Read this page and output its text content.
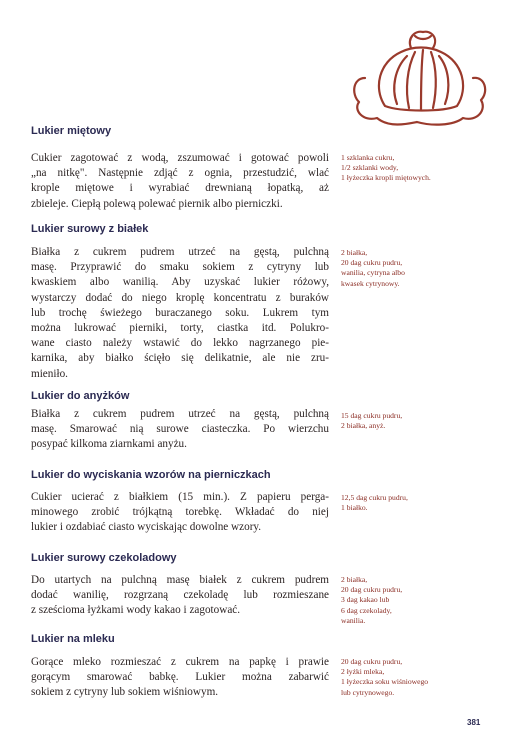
Lukier miętowy
Cukier zagotować z wodą, zszumować i gotować powoli
„na nitkę". Następnie zdjąć z ognia, przestudzić, wlać
krople miętowe i wyrabiać drewnianą łopatką, aż
zbieleje. Ciepłą polewą polewać piernik albo pierniczki.
1 szklanka cukru,
1/2 szklanki wody,
1 łyżeczka kropli miętowych.
Lukier surowy z białek
Białka z cukrem pudrem utrzeć na gęstą, pulchną
masę. Przyprawić do smaku sokiem z cytryny lub
kwaskiem albo wanilią. Aby uzyskać lukier różowy,
wystarczy dodać do niego kroplę koncentratu z buraków
lub trochę świeżego buraczanego soku. Lukrem tym
można lukrować pierniki, torty, ciastka itd. Polukro-
wane ciasto należy wstawić do lekko nagrzanego pie-
karnika, aby białko ścięło się delikatnie, ale nie zru-
mieniło.
2 białka,
20 dag cukru pudru,
wanilia, cytryna albo
kwasek cytrynowy.
Lukier do anyżków
Białka z cukrem pudrem utrzeć na gęstą, pulchną
masę. Smarować nią surowe ciasteczka. Po wierzchu
posypać kilkoma ziarnkami anyżu.
15 dag cukru pudru,
2 białka, anyż.
Lukier do wyciskania wzorów na pierniczkach
Cukier ucierać z białkiem (15 min.). Z papieru perga-
minowego zrobić trójkątną torebkę. Wkładać do niej
lukier i ozdabiać ciasto wyciskając dowolne wzory.
12,5 dag cukru pudru,
1 białko.
Lukier surowy czekoladowy
Do utartych na pulchną masę białek z cukrem pudrem
dodać wanilię, rozgrzaną czekoladę lub rozmieszane
z sześcioma łyżkami wody kakao i zagotować.
2 białka,
20 dag cukru pudru,
3 dag kakao lub
6 dag czekolady,
wanilia.
Lukier na mleku
Gorące mleko rozmieszać z cukrem na papkę i prawie
gorącym smarować babkę. Lukier można zabarwić
sokiem z cytryny lub sokiem wiśniowym.
20 dag cukru pudru,
2 łyżki mleka,
1 łyżeczka soku wiśniowego
lub cytrynowego.
381
